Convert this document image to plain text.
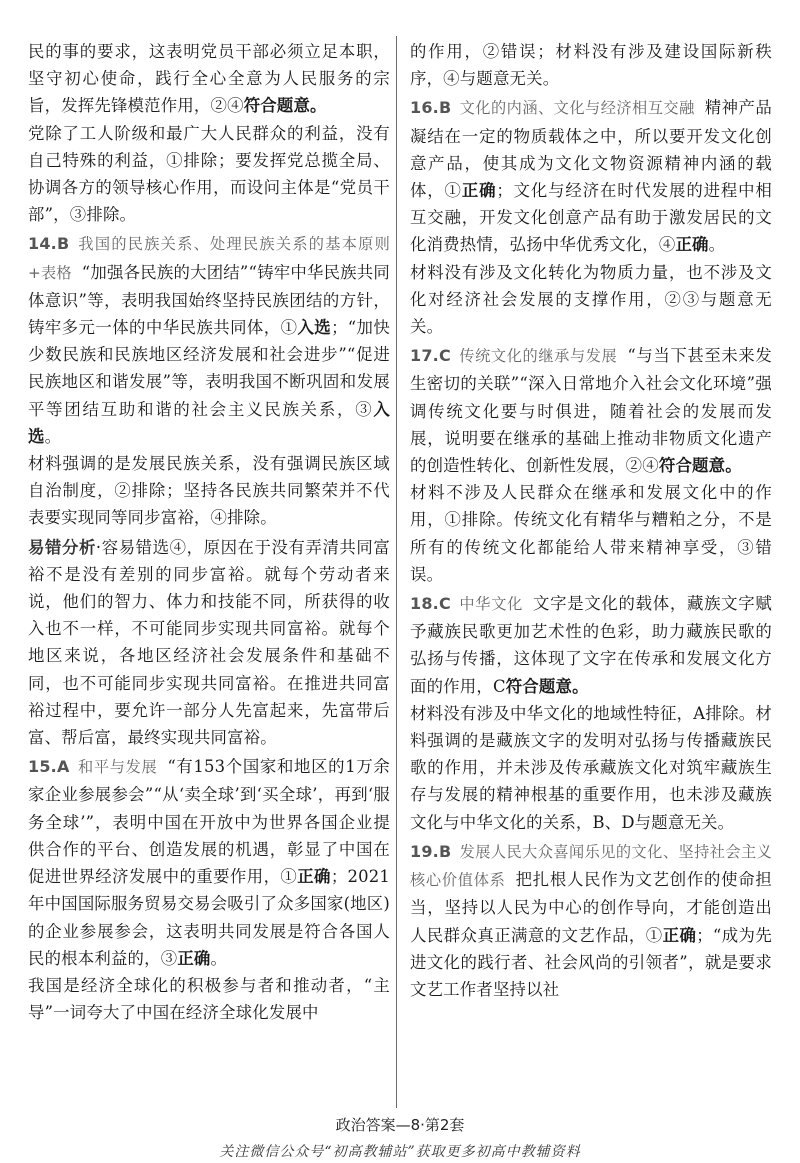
民的事的要求，这表明党员干部必须立足本职，坚守初心使命，践行全心全意为人民服务的宗旨，发挥先锋模范作用，②④符合题意。

党除了工人阶级和最广大人民群众的利益，没有自己特殊的利益，①排除；要发挥党总揽全局、协调各方的领导核心作用，而设问主体是“党员干部”，③排除。

14.B 我国的民族关系、处理民族关系的基本原则+表格 “加强各民族的大团结”“铸牢中华民族共同体意识”等，表明我国始终坚持民族团结的方针，铸牢多元一体的中华民族共同体，①入选；“加快少数民族和民族地区经济发展和社会进步”“促进民族地区和谐发展”等，表明我国不断巩固和发展平等团结互助和谐的社会主义民族关系，③入选。

材料强调的是发展民族关系，没有强调民族区域自治制度，②排除；坚持各民族共同繁荣并不代表要实现同等同步富裕，④排除。

易错分析·容易错选④，原因在于没有弄清共同富裕不是没有差别的同步富裕。就每个劳动者来说，他们的智力、体力和技能不同，所获得的收入也不一样，不可能同步实现共同富裕。就每个地区来说，各地区经济社会发展条件和基础不同，也不可能同步实现共同富裕。在推进共同富裕过程中，要允许一部分人先富起来，先富带后富、帮后富，最终实现共同富裕。

15.A 和平与发展 “有153个国家和地区的1万余家企业参展参会”“从‘卖全球’到‘买全球’，再到‘服务全球’”，表明中国在开放中为世界各国企业提供合作的平台、创造发展的机遇，彰显了中国在促进世界经济发展中的重要作用，①正确；2021年中国国际服务贸易交易会吸引了众多国家(地区)的企业参展参会，这表明共同发展是符合各国人民的根本利益的，③正确。

我国是经济全球化的积极参与者和推动者，“主导”一词夸大了中国在经济全球化发展中

的作用，②错误；材料没有涉及建设国际新秩序，④与题意无关。

16.B 文化的内涵、文化与经济相互交融 精神产品凝结在一定的物质载体之中，所以要开发文化创意产品，使其成为文化文物资源精神内涵的载体，①正确；文化与经济在时代发展的进程中相互交融，开发文化创意产品有助于激发居民的文化消费热情，弘扬中华优秀文化，④正确。

材料没有涉及文化转化为物质力量，也不涉及文化对经济社会发展的支撑作用，②③与题意无关。

17.C 传统文化的继承与发展 “与当下甚至未来发生密切的关联”“深入日常地介入社会文化环境”强调传统文化要与时俱进，随着社会的发展而发展，说明要在继承的基础上推动非物质文化遗产的创造性转化、创新性发展，②④符合题意。

材料不涉及人民群众在继承和发展文化中的作用，①排除。传统文化有精华与糟粕之分，不是所有的传统文化都能给人带来精神享受，③错误。

18.C 中华文化 文字是文化的载体，藏族文字赋予藏族民歌更加艺术性的色彩，助力藏族民歌的弘扬与传播，这体现了文字在传承和发展文化方面的作用，C符合题意。

材料没有涉及中华文化的地域性特征，A排除。材料强调的是藏族文字的发明对弘扬与传播藏族民歌的作用，并未涉及传承藏族文化对筑牢藏族生存与发展的精神根基的重要作用，也未涉及藏族文化与中华文化的关系，B、D与题意无关。

19.B 发展人民大众喜闻乐见的文化、坚持社会主义核心价值体系 把扎根人民作为文艺创作的使命担当，坚持以人民为中心的创作导向，才能创造出人民群众真正满意的文艺作品，①正确；“成为先进文化的践行者、社会风尚的引领者”，就是要求文艺工作者坚持以社

政治答案—8·第2套
关注微信公众号“初高教辅站”获取更多初高中教辅资料
